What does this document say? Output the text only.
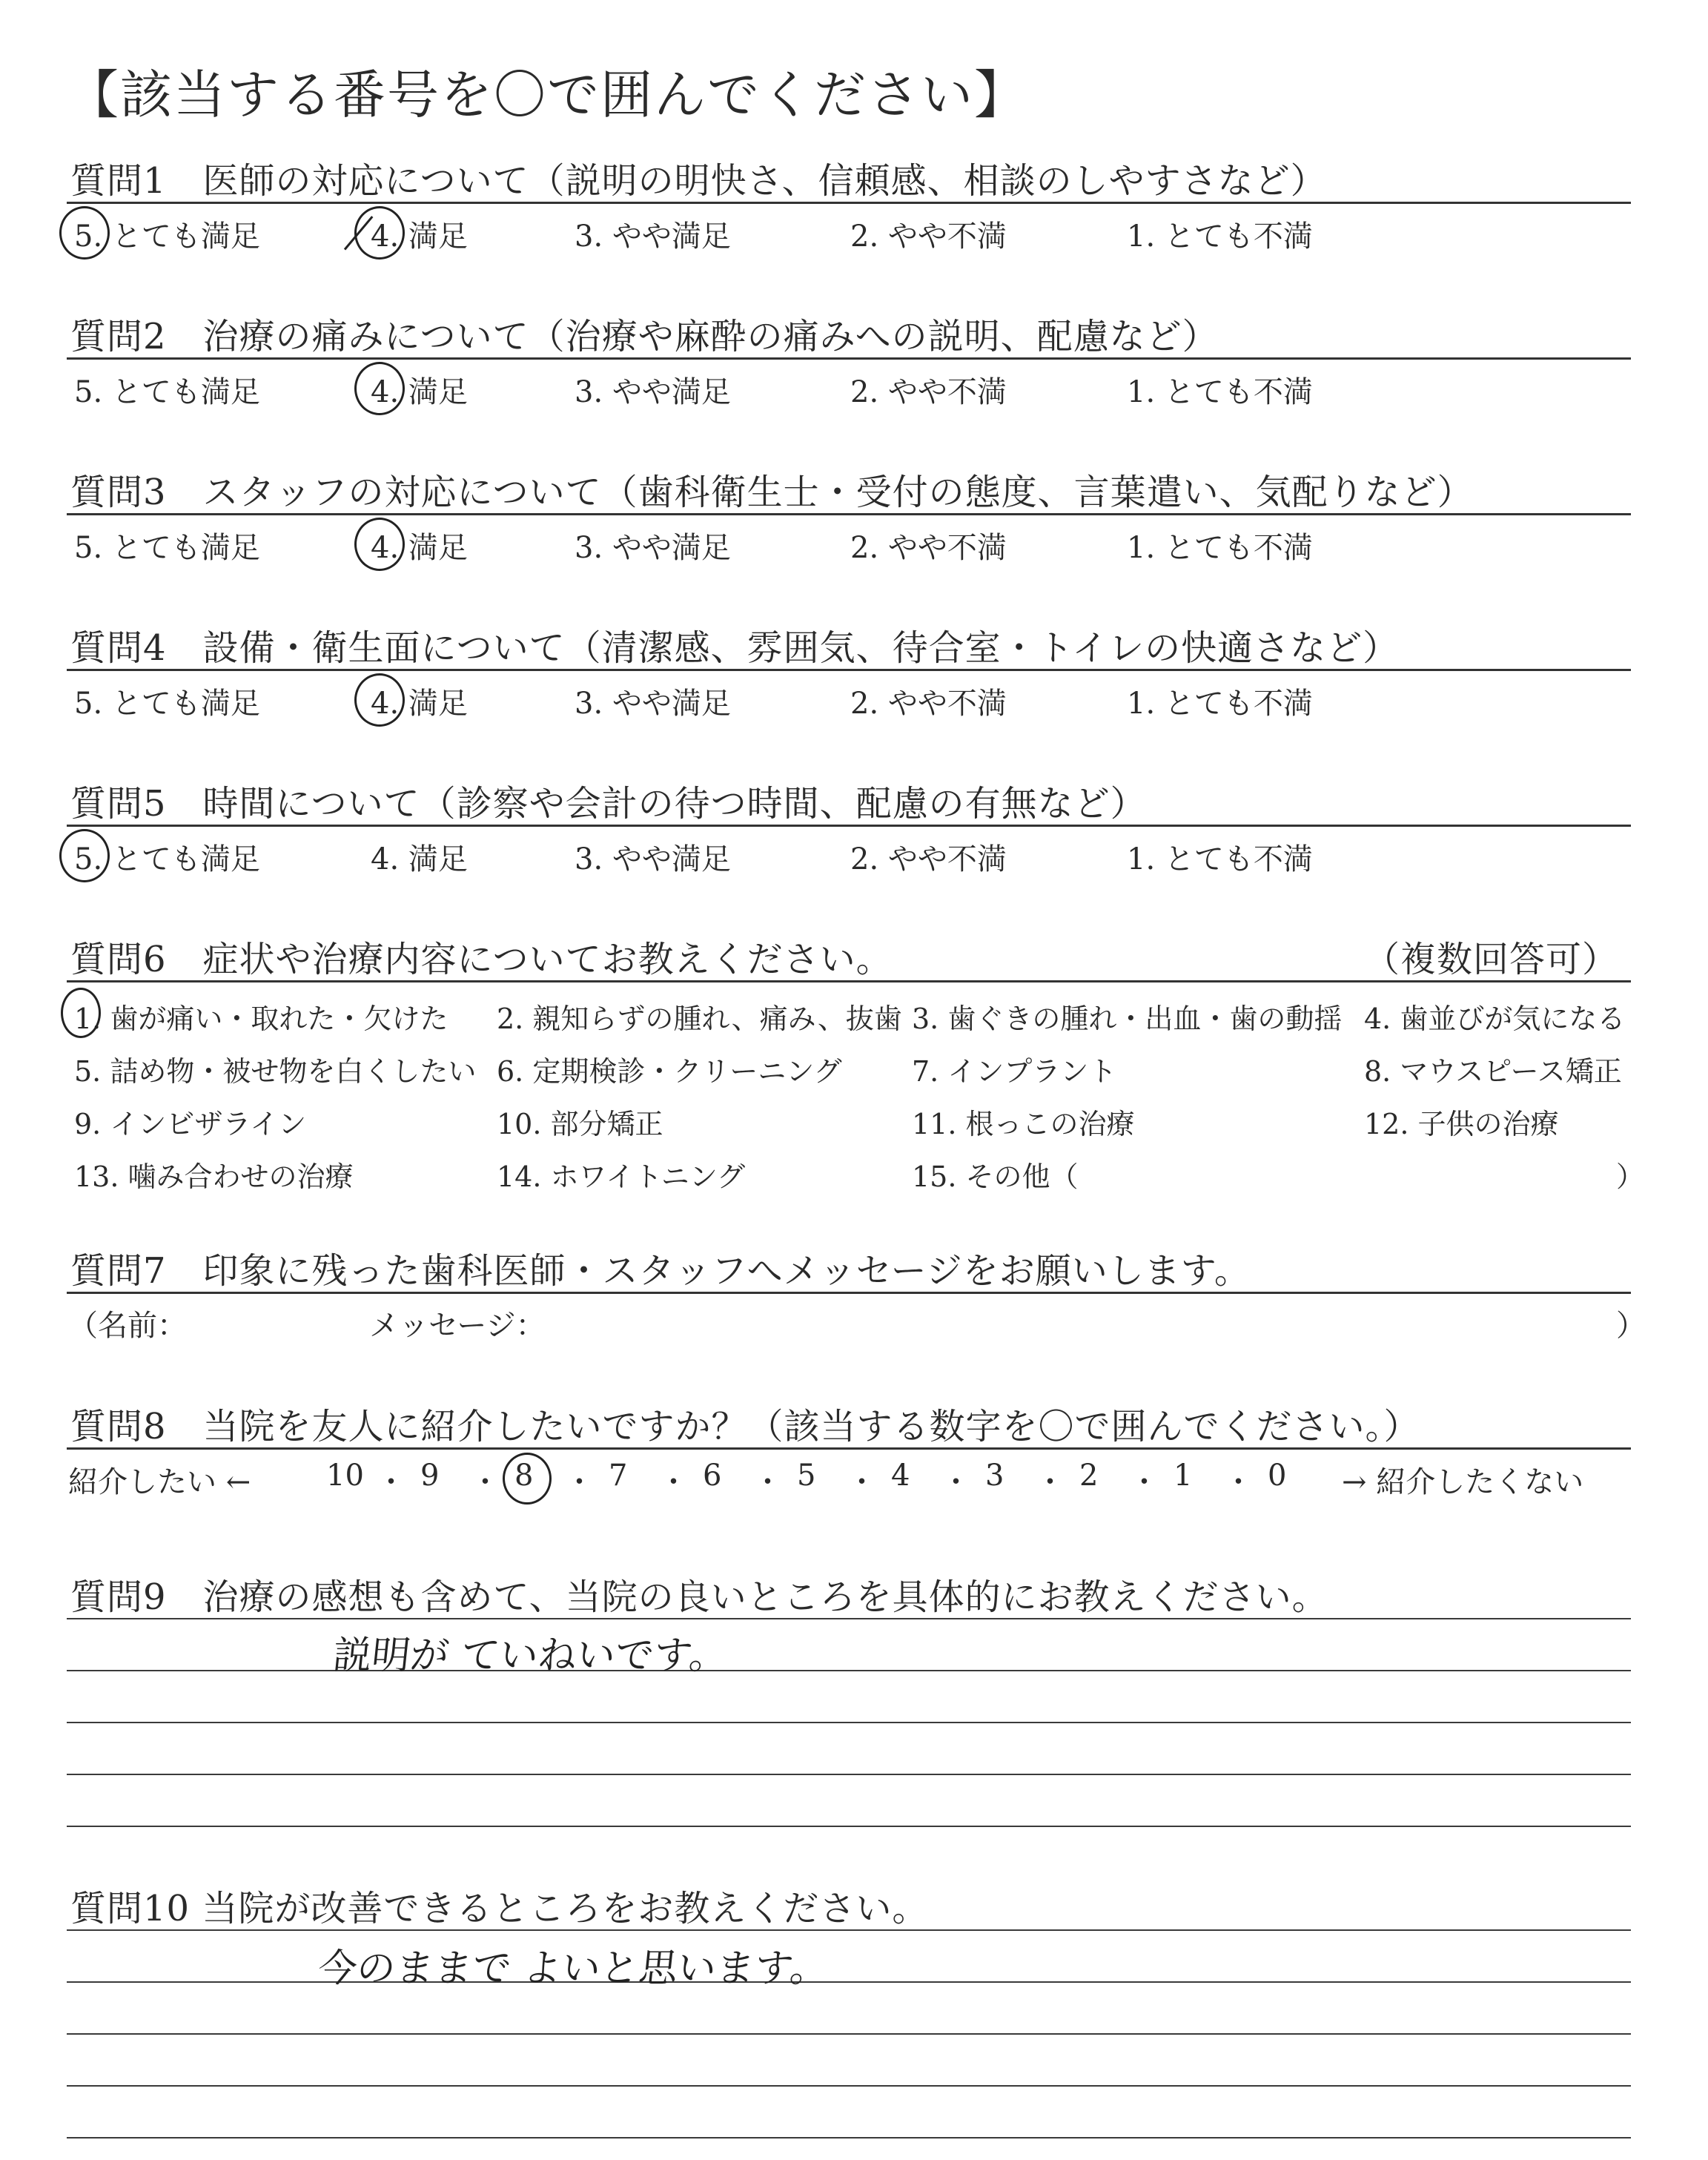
【該当する番号を〇で囲んでください】
質問1　医師の対応について（説明の明快さ、信頼感、相談のしやすさなど）
5. とても満足	4. 満足	3. やや満足	2. やや不満	1. とても不満
質問2　治療の痛みについて（治療や麻酔の痛みへの説明、配慮など）
5. とても満足	4. 満足	3. やや満足	2. やや不満	1. とても不満
質問3　スタッフの対応について（歯科衛生士・受付の態度、言葉遣い、気配りなど）
5. とても満足	4. 満足	3. やや満足	2. やや不満	1. とても不満
質問4　設備・衛生面について（清潔感、雰囲気、待合室・トイレの快適さなど）
5. とても満足	4. 満足	3. やや満足	2. やや不満	1. とても不満
質問5　時間について（診察や会計の待つ時間、配慮の有無など）
5. とても満足	4. 満足	3. やや満足	2. やや不満	1. とても不満
質問6　症状や治療内容についてお教えください。	（複数回答可）
1. 歯が痛い・取れた・欠けた 2. 親知らずの腫れ、痛み、抜歯 3. 歯ぐきの腫れ・出血・歯の動揺 4. 歯並びが気になる
5. 詰め物・被せ物を白くしたい 6. 定期検診・クリーニング 7. インプラント	8. マウスピース矯正
9. インビザライン	10. 部分矯正	11. 根っこの治療	12. 子供の治療
13. 噛み合わせの治療	14. ホワイトニング	15. その他（	）
質問7　印象に残った歯科医師・スタッフへメッセージをお願いします。
（名前：	メッセージ：	）
質問8　当院を友人に紹介したいですか？（該当する数字を〇で囲んでください。）
紹介したい ←	→ 紹介したくない
10 ・ 9 ・ 8 ・ 7 ・ 6 ・ 5 ・ 4 ・ 3 ・ 2 ・ 1 ・ 0
質問9　治療の感想も含めて、当院の良いところを具体的にお教えください。
説明が ていねいです。
質問10 当院が改善できるところをお教えください。
今のままで よいと思います。
